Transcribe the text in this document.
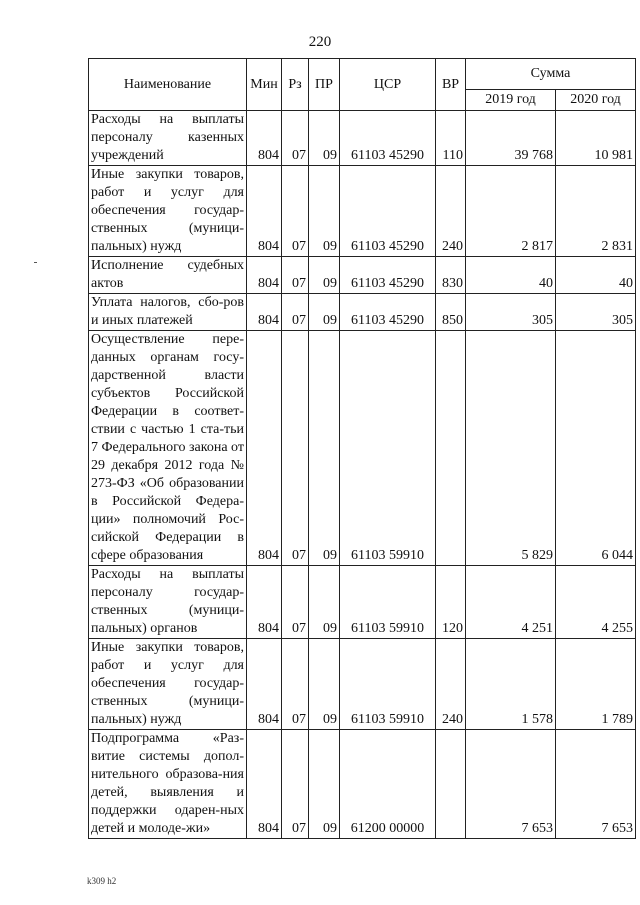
220
Наименование	Мин	Рз	ПР	ЦСР	ВР	Сумма	
						2019 год	2020 год
Расходы на выплаты персоналу казенных учреждений	804	07	09	61103 45290	110	39 768	10 981
Иные закупки товаров, работ и услуг для обеспечения государ-ственных (муници-пальных) нужд	804	07	09	61103 45290	240	2 817	2 831
Исполнение судебных актов	804	07	09	61103 45290	830	40	40
Уплата налогов, сбо-ров и иных платежей	804	07	09	61103 45290	850	305	305
Осуществление пере-данных органам госу-дарственной власти субъектов Российской Федерации в соответ-ствии с частью 1 ста-тьи 7 Федерального закона от 29 декабря 2012 года № 273-ФЗ «Об образовании в Российской Федера-ции» полномочий Рос-сийской Федерации в сфере образования	804	07	09	61103 59910		5 829	6 044
Расходы на выплаты персоналу государ-ственных (муници-пальных) органов	804	07	09	61103 59910	120	4 251	4 255
Иные закупки товаров, работ и услуг для обеспечения государ-ственных (муници-пальных) нужд	804	07	09	61103 59910	240	1 578	1 789
Подпрограмма «Раз-витие системы допол-нительного образова-ния детей, выявления и поддержки одарен-ных детей и молоде-жи»	804	07	09	61200 00000		7 653	7 653
k309 h2
